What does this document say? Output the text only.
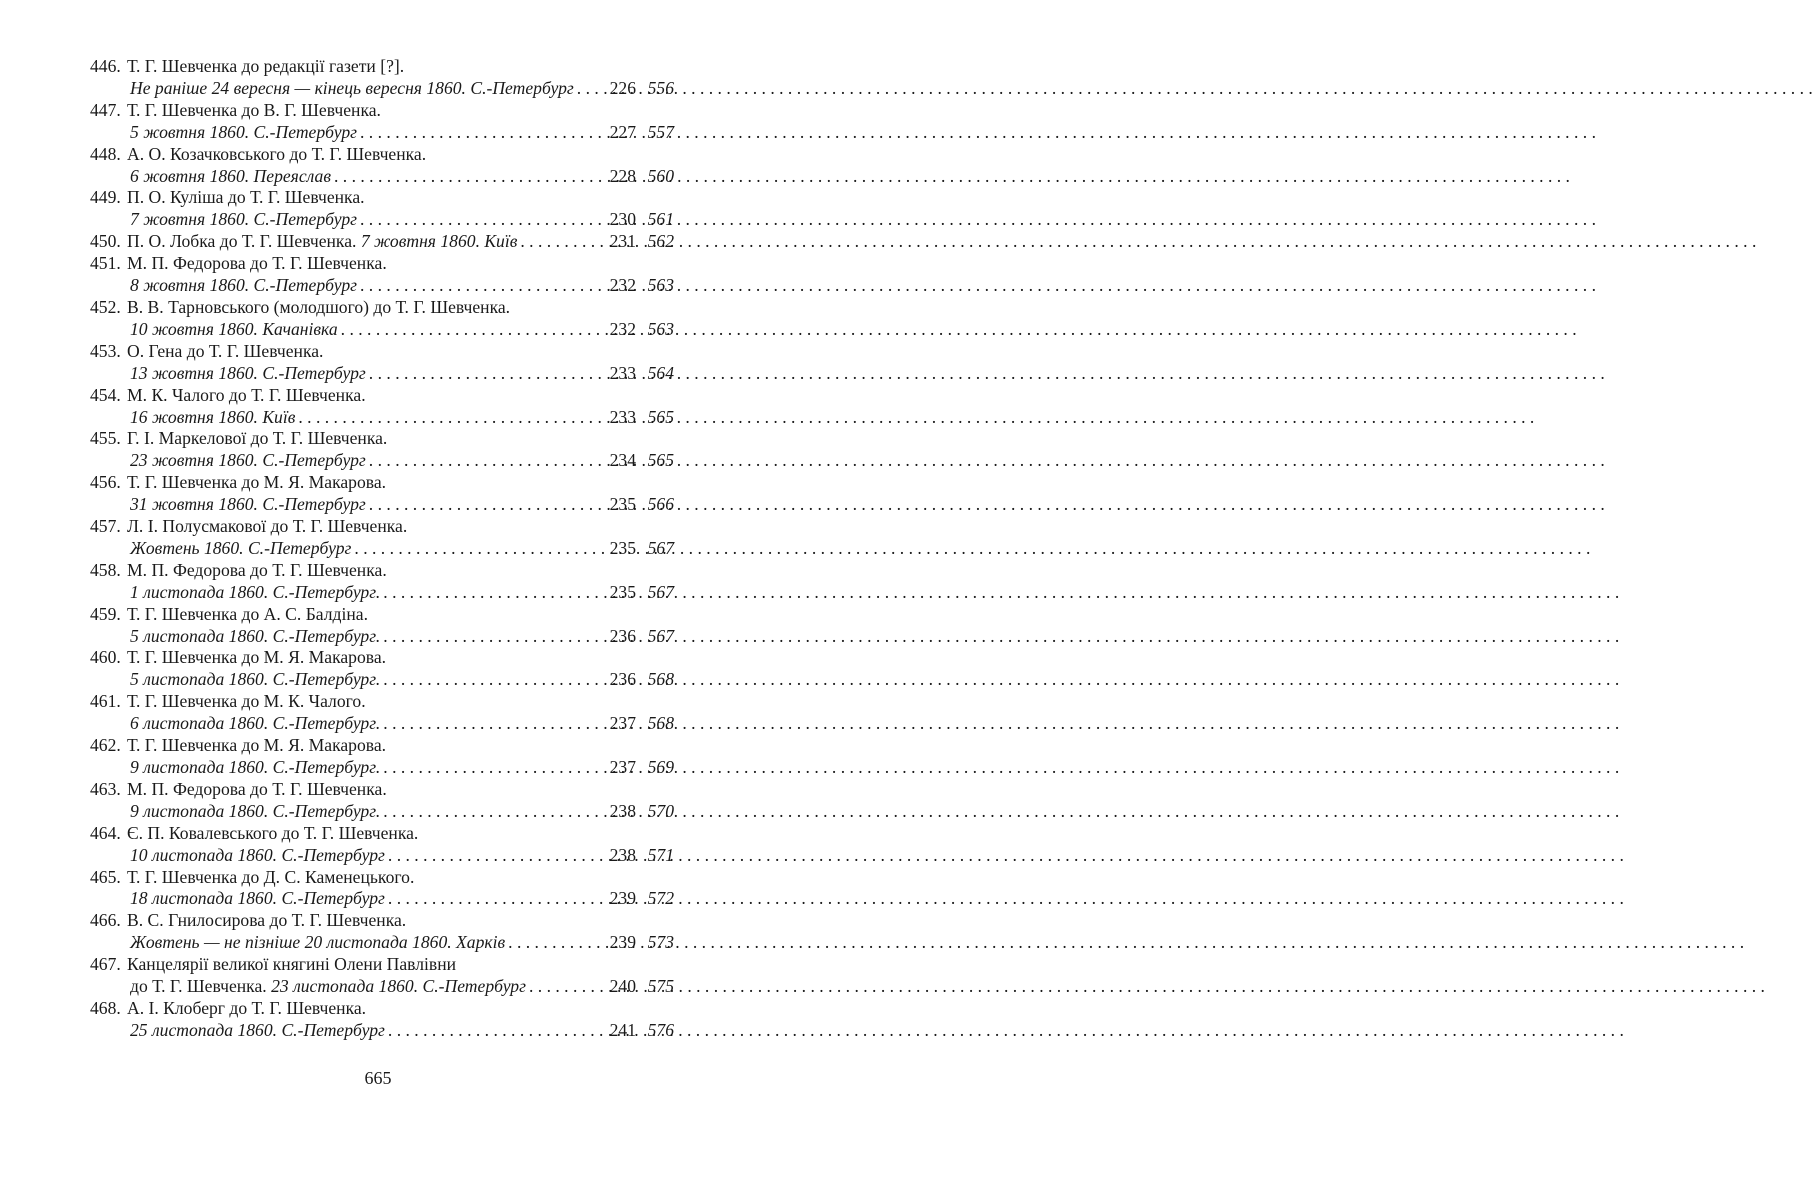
446. Т. Г. Шевченка до редакції газети [?].
Не раніше 24 вересня — кінець вересня 1860. С.-Петербург . . .	226 556
447. Т. Г. Шевченка до В. Г. Шевченка.
5 жовтня 1860. С.-Петербург . . .	227 557
448. А. О. Козачковського до Т. Г. Шевченка.
6 жовтня 1860. Переяслав . . .	228 560
449. П. О. Куліша до Т. Г. Шевченка.
7 жовтня 1860. С.-Петербург . . .	230 561
450. П. О. Лобка до Т. Г. Шевченка. 7 жовтня 1860. Київ . . .	231 562
451. М. П. Федорова до Т. Г. Шевченка.
8 жовтня 1860. С.-Петербург . . .	232 563
452. В. В. Тарновського (молодшого) до Т. Г. Шевченка.
10 жовтня 1860. Качанівка . . .	232 563
453. О. Гена до Т. Г. Шевченка.
13 жовтня 1860. С.-Петербург . . .	233 564
454. М. К. Чалого до Т. Г. Шевченка.
16 жовтня 1860. Київ . . .	233 565
455. Г. І. Маркелової до Т. Г. Шевченка.
23 жовтня 1860. С.-Петербург . . .	234 565
456. Т. Г. Шевченка до М. Я. Макарова.
31 жовтня 1860. С.-Петербург . . .	235 566
457. Л. І. Полусмакової до Т. Г. Шевченка.
Жовтень 1860. С.-Петербург . . .	235 567
458. М. П. Федорова до Т. Г. Шевченка.
1 листопада 1860. С.-Петербург. . . .	235 567
459. Т. Г. Шевченка до А. С. Балдіна.
5 листопада 1860. С.-Петербург. . . .	236 567
460. Т. Г. Шевченка до М. Я. Макарова.
5 листопада 1860. С.-Петербург. . . .	236 568
461. Т. Г. Шевченка до М. К. Чалого.
6 листопада 1860. С.-Петербург. . . .	237 568
462. Т. Г. Шевченка до М. Я. Макарова.
9 листопада 1860. С.-Петербург. . . .	237 569
463. М. П. Федорова до Т. Г. Шевченка.
9 листопада 1860. С.-Петербург. . . .	238 570
464. Є. П. Ковалевського до Т. Г. Шевченка.
10 листопада 1860. С.-Петербург . . .	238 571
465. Т. Г. Шевченка до Д. С. Каменецького.
18 листопада 1860. С.-Петербург . . .	239 572
466. В. С. Гнилосирова до Т. Г. Шевченка.
Жовтень — не пізніше 20 листопада 1860. Харків . . .	239 573
467. Канцелярії великої княгині Олени Павлівни
до Т. Г. Шевченка. 23 листопада 1860. С.-Петербург . . .	240 575
468. А. І. Клоберг до Т. Г. Шевченка.
25 листопада 1860. С.-Петербург . . .	241 576
665
